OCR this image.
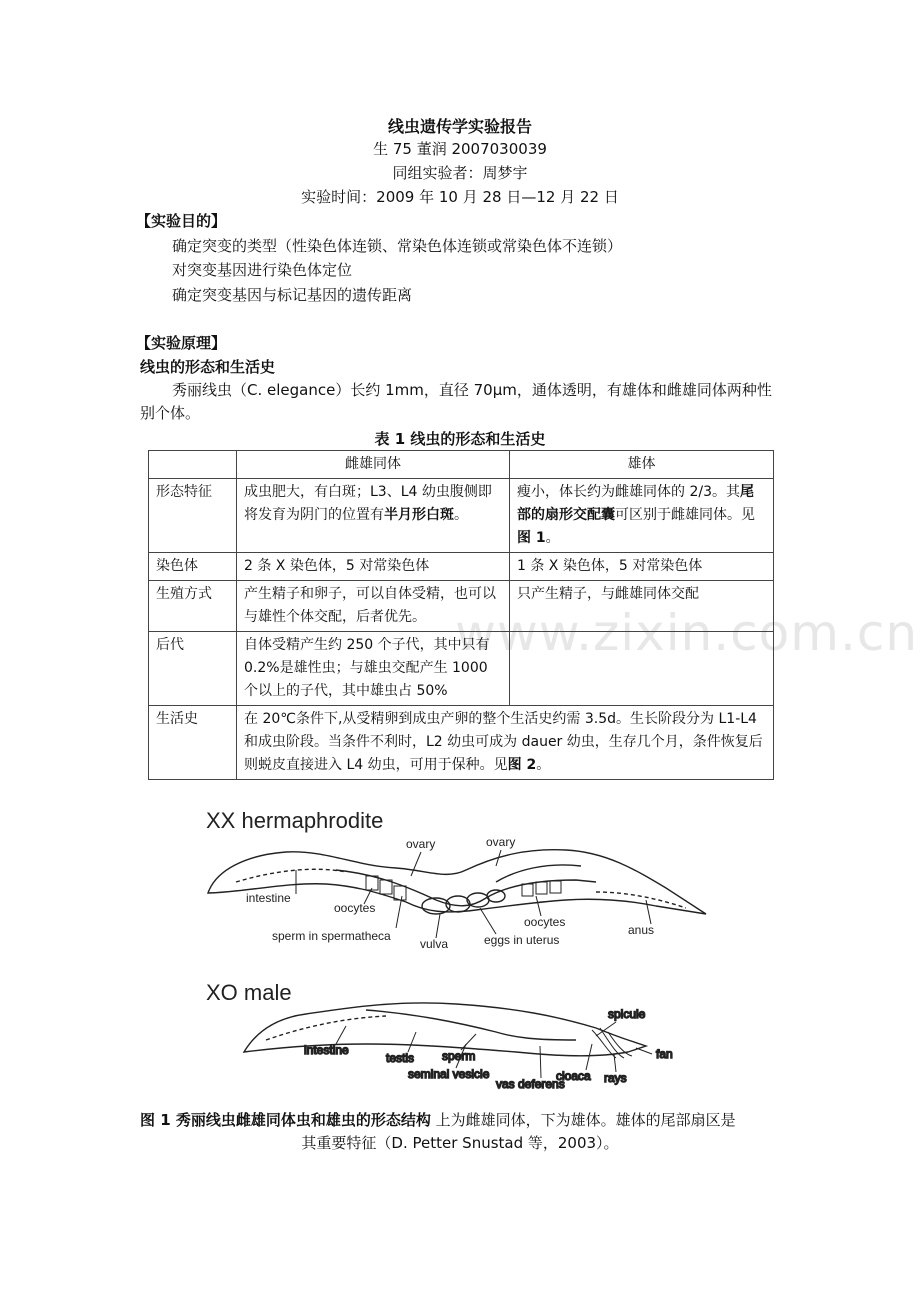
线虫遗传学实验报告
生 75 董润 2007030039
同组实验者：周梦宇
实验时间：2009 年 10 月 28 日—12 月 22 日
【实验目的】
确定突变的类型（性染色体连锁、常染色体连锁或常染色体不连锁）
对突变基因进行染色体定位
确定突变基因与标记基因的遗传距离
【实验原理】
线虫的形态和生活史
秀丽线虫（C. elegance）长约 1mm，直径 70μm，通体透明，有雄体和雌雄同体两种性别个体。
表 1 线虫的形态和生活史
www.zixin.com.cn
	雌雄同体	雄体
形态特征	成虫肥大，有白斑；L3、L4 幼虫腹侧即将发育为阴门的位置有半月形白斑。	瘦小，体长约为雌雄同体的 2/3。其尾部的扇形交配囊可区别于雌雄同体。见图 1。
染色体	2 条 X 染色体，5 对常染色体	1 条 X 染色体，5 对常染色体
生殖方式	产生精子和卵子，可以自体受精，也可以与雄性个体交配，后者优先。	只产生精子，与雌雄同体交配
后代	自体受精产生约 250 个子代，其中只有 0.2%是雄性虫；与雄虫交配产生 1000 个以上的子代，其中雄虫占 50%	
生活史	在 20℃条件下,从受精卵到成虫产卵的整个生活史约需 3.5d。生长阶段分为 L1-L4 和成虫阶段。当条件不利时，L2 幼虫可成为 dauer 幼虫，生存几个月，条件恢复后则蜕皮直接进入 L4 幼虫，可用于保种。见图 2。	
XX hermaphrodite
ovary	ovary
intestine
oocytes
oocytes
sperm in spermatheca
vulva	eggs in uterus
anus
XO male
spicule
intestine
testis sperm
seminal vesicle
vas deferens
cloaca rays
fan
图 1 秀丽线虫雌雄同体虫和雄虫的形态结构 上为雌雄同体，下为雄体。雄体的尾部扇区是
其重要特征（D. Petter Snustad 等，2003）。
